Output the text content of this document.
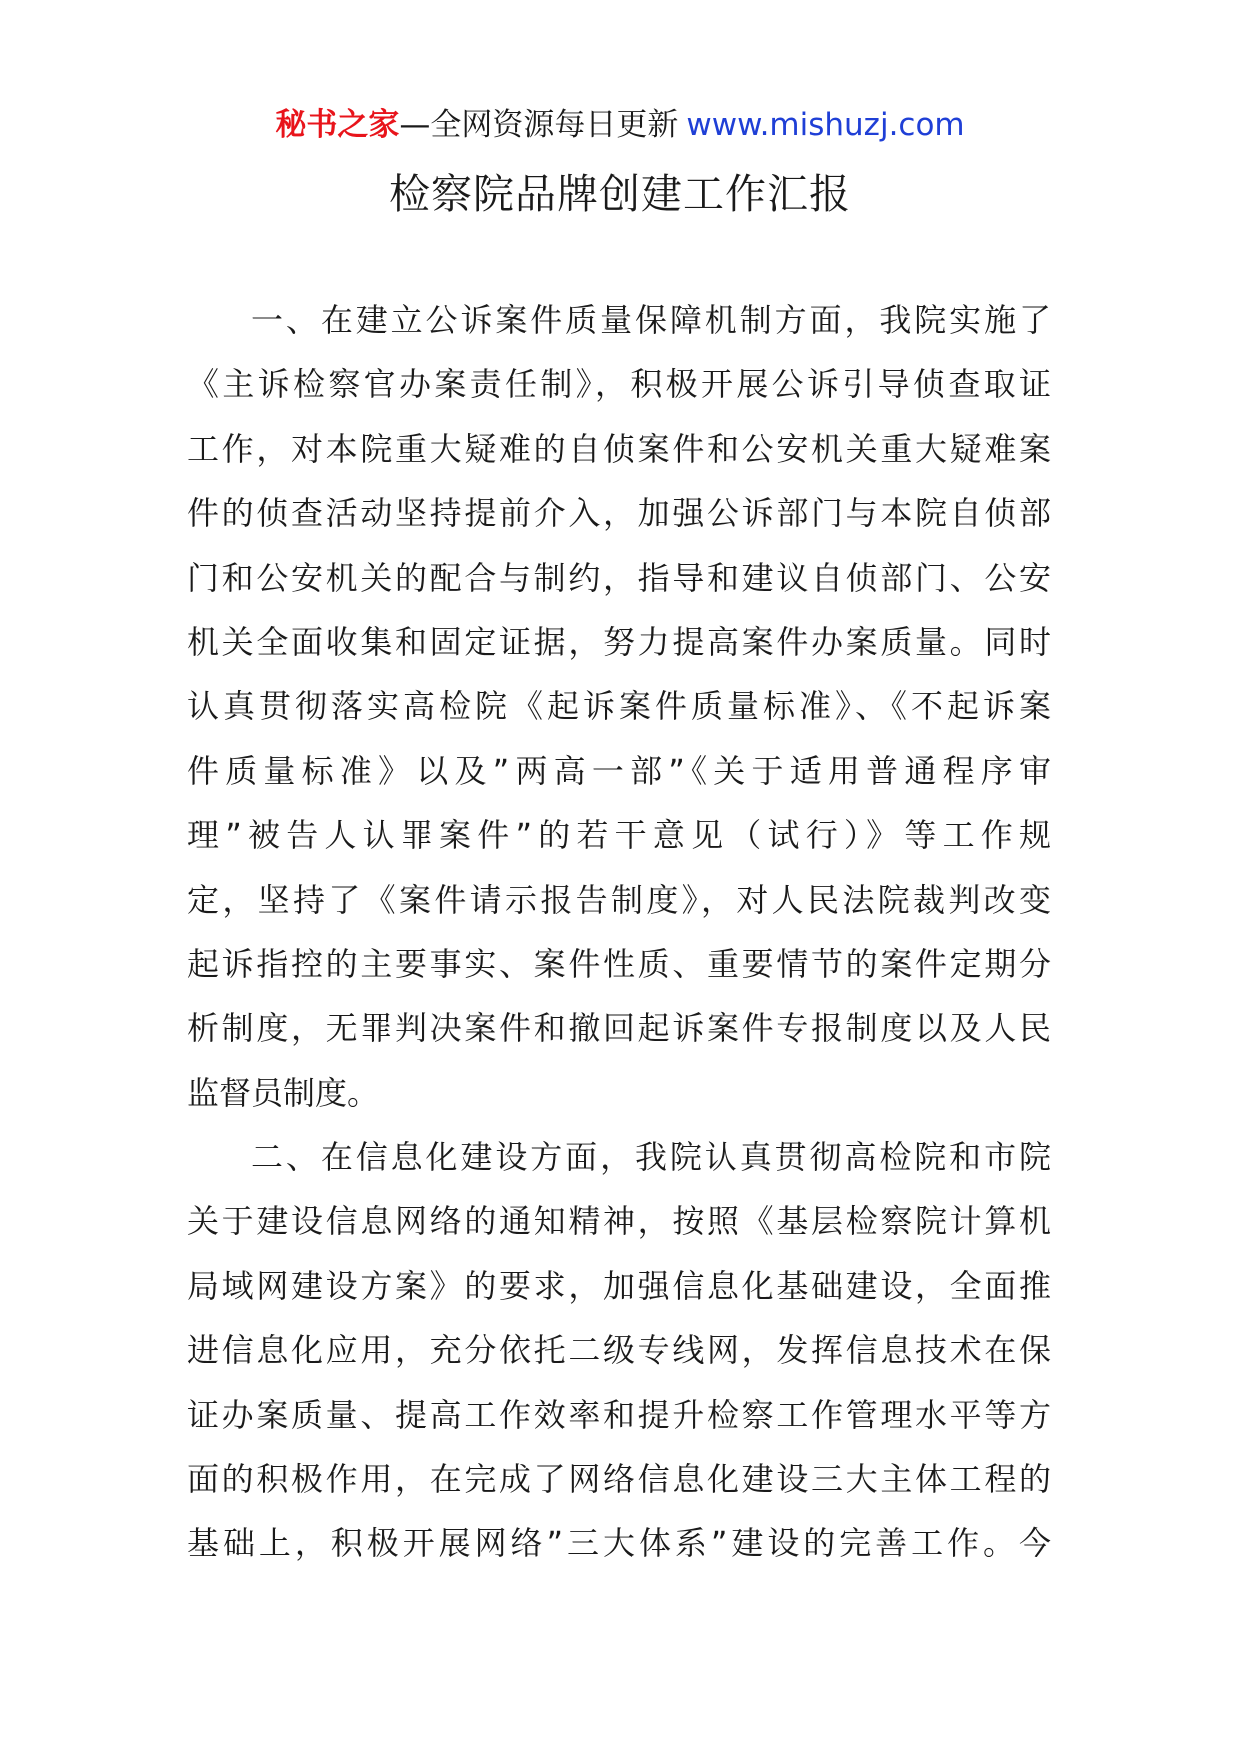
秘书之家—全网资源每日更新 www.mishuzj.com
检察院品牌创建工作汇报
一、在建立公诉案件质量保障机制方面，我院实施了
《主诉检察官办案责任制》，积极开展公诉引导侦查取证
工作，对本院重大疑难的自侦案件和公安机关重大疑难案
件的侦查活动坚持提前介入，加强公诉部门与本院自侦部
门和公安机关的配合与制约，指导和建议自侦部门、公安
机关全面收集和固定证据，努力提高案件办案质量。同时
认真贯彻落实高检院《起诉案件质量标准》、《不起诉案
件质量标准》以及”两高一部”《关于适用普通程序审
理”被告人认罪案件”的若干意见（试行）》等工作规
定，坚持了《案件请示报告制度》，对人民法院裁判改变
起诉指控的主要事实、案件性质、重要情节的案件定期分
析制度，无罪判决案件和撤回起诉案件专报制度以及人民
监督员制度。
二、在信息化建设方面，我院认真贯彻高检院和市院
关于建设信息网络的通知精神，按照《基层检察院计算机
局域网建设方案》的要求，加强信息化基础建设，全面推
进信息化应用，充分依托二级专线网，发挥信息技术在保
证办案质量、提高工作效率和提升检察工作管理水平等方
面的积极作用，在完成了网络信息化建设三大主体工程的
基础上，积极开展网络”三大体系”建设的完善工作。今
